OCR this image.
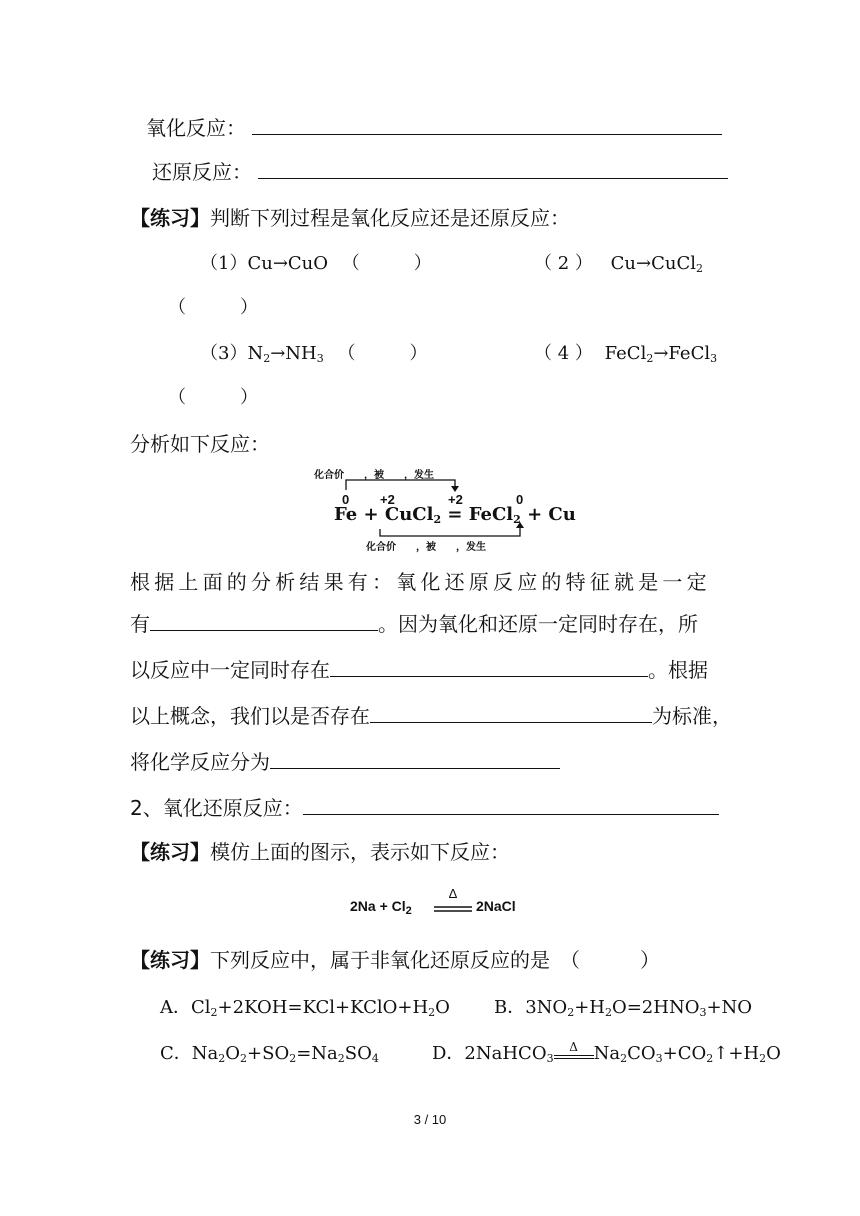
氧化反应：
还原反应：
【练习】判断下列过程是氧化反应还是还原反应：
（1）Cu→CuO （　　　）	（ 2 ） Cu→CuCl$_2$
（　　　）
$(3)N_2\to NH_3$ （　　　）	（ 4 ） FeCl$_2$→FeCl$_3$
（　　　）
分析如下反应：
化合价　　，被　　，发生
0 +2	+2	0
Fe + CuCl$_2$ = FeCl$_2$ + Cu
化合价　　，被　　，发生
根据上面的分析结果有：氧化还原反应的特征就是一定
有	。因为氧化和还原一定同时存在，所
以反应中一定同时存在	。根据
以上概念，我们以是否存在	为标准，
将化学反应分为
2、氧化还原反应：
【练习】模仿上面的图示，表示如下反应：
$2Na + Cl_2$
Δ
2NaCl
【练习】下列反应中，属于非氧化还原反应的是　（　　　）
A．$Cl_2+2KOH=KCl+KClO+H_2O$ B．$3NO_2+H_2O=2HNO_3+NO$
C．$Na_2O_2+SO_2=Na_2SO_4$	D．2NaHCO$_3$
Δ $Na_2CO_3+CO_2↑+H_2O$
3 / 10
